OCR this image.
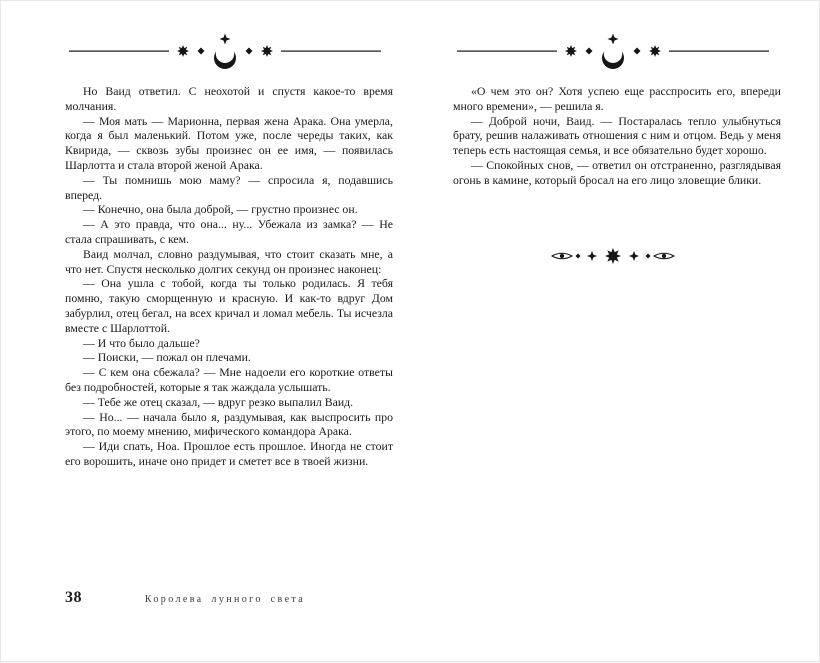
Но Ваид ответил. С неохотой и спустя какое-то время молчания.

— Моя мать — Марионна, первая жена Арака. Она умерла, когда я был маленький. Потом уже, после череды таких, как Квирида, — сквозь зубы произнес он ее имя, — появилась Шарлотта и стала второй женой Арака.

— Ты помнишь мою маму? — спросила я, подавшись вперед.

— Конечно, она была доброй, — грустно произнес он.

— А это правда, что она... ну... Убежала из замка? — Не стала спрашивать, с кем.

Ваид молчал, словно раздумывая, что стоит сказать мне, а что нет. Спустя несколько долгих секунд он произнес наконец:

— Она ушла с тобой, когда ты только родилась. Я тебя помню, такую сморщенную и красную. И как-то вдруг Дом забурлил, отец бегал, на всех кричал и ломал мебель. Ты исчезла вместе с Шарлоттой.

— И что было дальше?

— Поиски, — пожал он плечами.

— С кем она сбежала? — Мне надоели его короткие ответы без подробностей, которые я так жаждала услышать.

— Тебе же отец сказал, — вдруг резко выпалил Ваид.

— Но... — начала было я, раздумывая, как выспросить про этого, по моему мнению, мифического командора Арака.

— Иди спать, Ноа. Прошлое есть прошлое. Иногда не стоит его ворошить, иначе оно придет и сметет все в твоей жизни.

38	Королева лунного света

«О чем это он? Хотя успею еще расспросить его, впереди много времени», — решила я.

— Доброй ночи, Ваид. — Постаралась тепло улыбнуться брату, решив налаживать отношения с ним и отцом. Ведь у меня теперь есть настоящая семья, и все обязательно будет хорошо.

— Спокойных снов, — ответил он отстраненно, разглядывая огонь в камине, который бросал на его лицо зловещие блики.
